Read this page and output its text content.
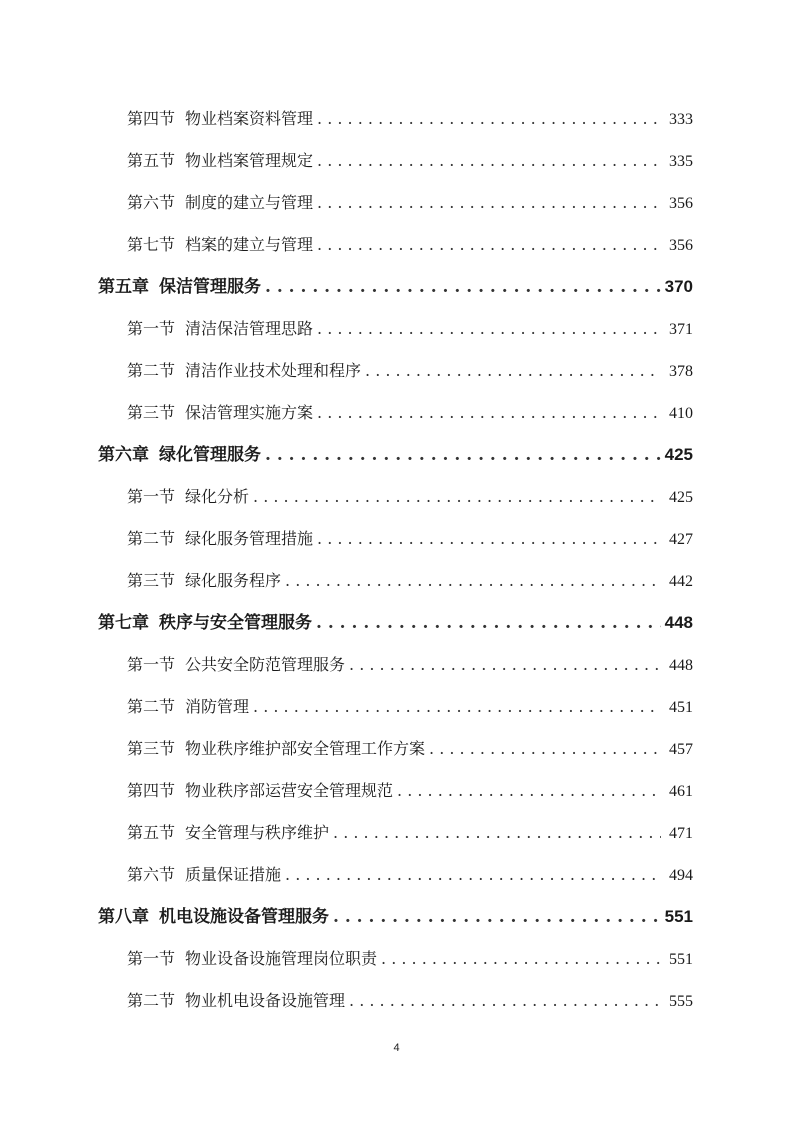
第四节 物业档案资料管理 . . .	333
第五节 物业档案管理规定 . . .	335
第六节 制度的建立与管理 . . .	356
第七节 档案的建立与管理 . . .	356
第五章 保洁管理服务 . . .	370
第一节 清洁保洁管理思路 . . .	371
第二节 清洁作业技术处理和程序 . . .	378
第三节 保洁管理实施方案 . . .	410
第六章 绿化管理服务 . . .	425
第一节 绿化分析 . . .	425
第二节 绿化服务管理措施 . . .	427
第三节 绿化服务程序 . . .	442
第七章 秩序与安全管理服务 . . .	448
第一节 公共安全防范管理服务 . . .	448
第二节 消防管理 . . .	451
第三节 物业秩序维护部安全管理工作方案 . . .	457
第四节 物业秩序部运营安全管理规范 . . .	461
第五节 安全管理与秩序维护 . . .	471
第六节 质量保证措施 . . .	494
第八章 机电设施设备管理服务 . . .	551
第一节 物业设备设施管理岗位职责 . . .	551
第二节 物业机电设备设施管理 . . .	555
4
